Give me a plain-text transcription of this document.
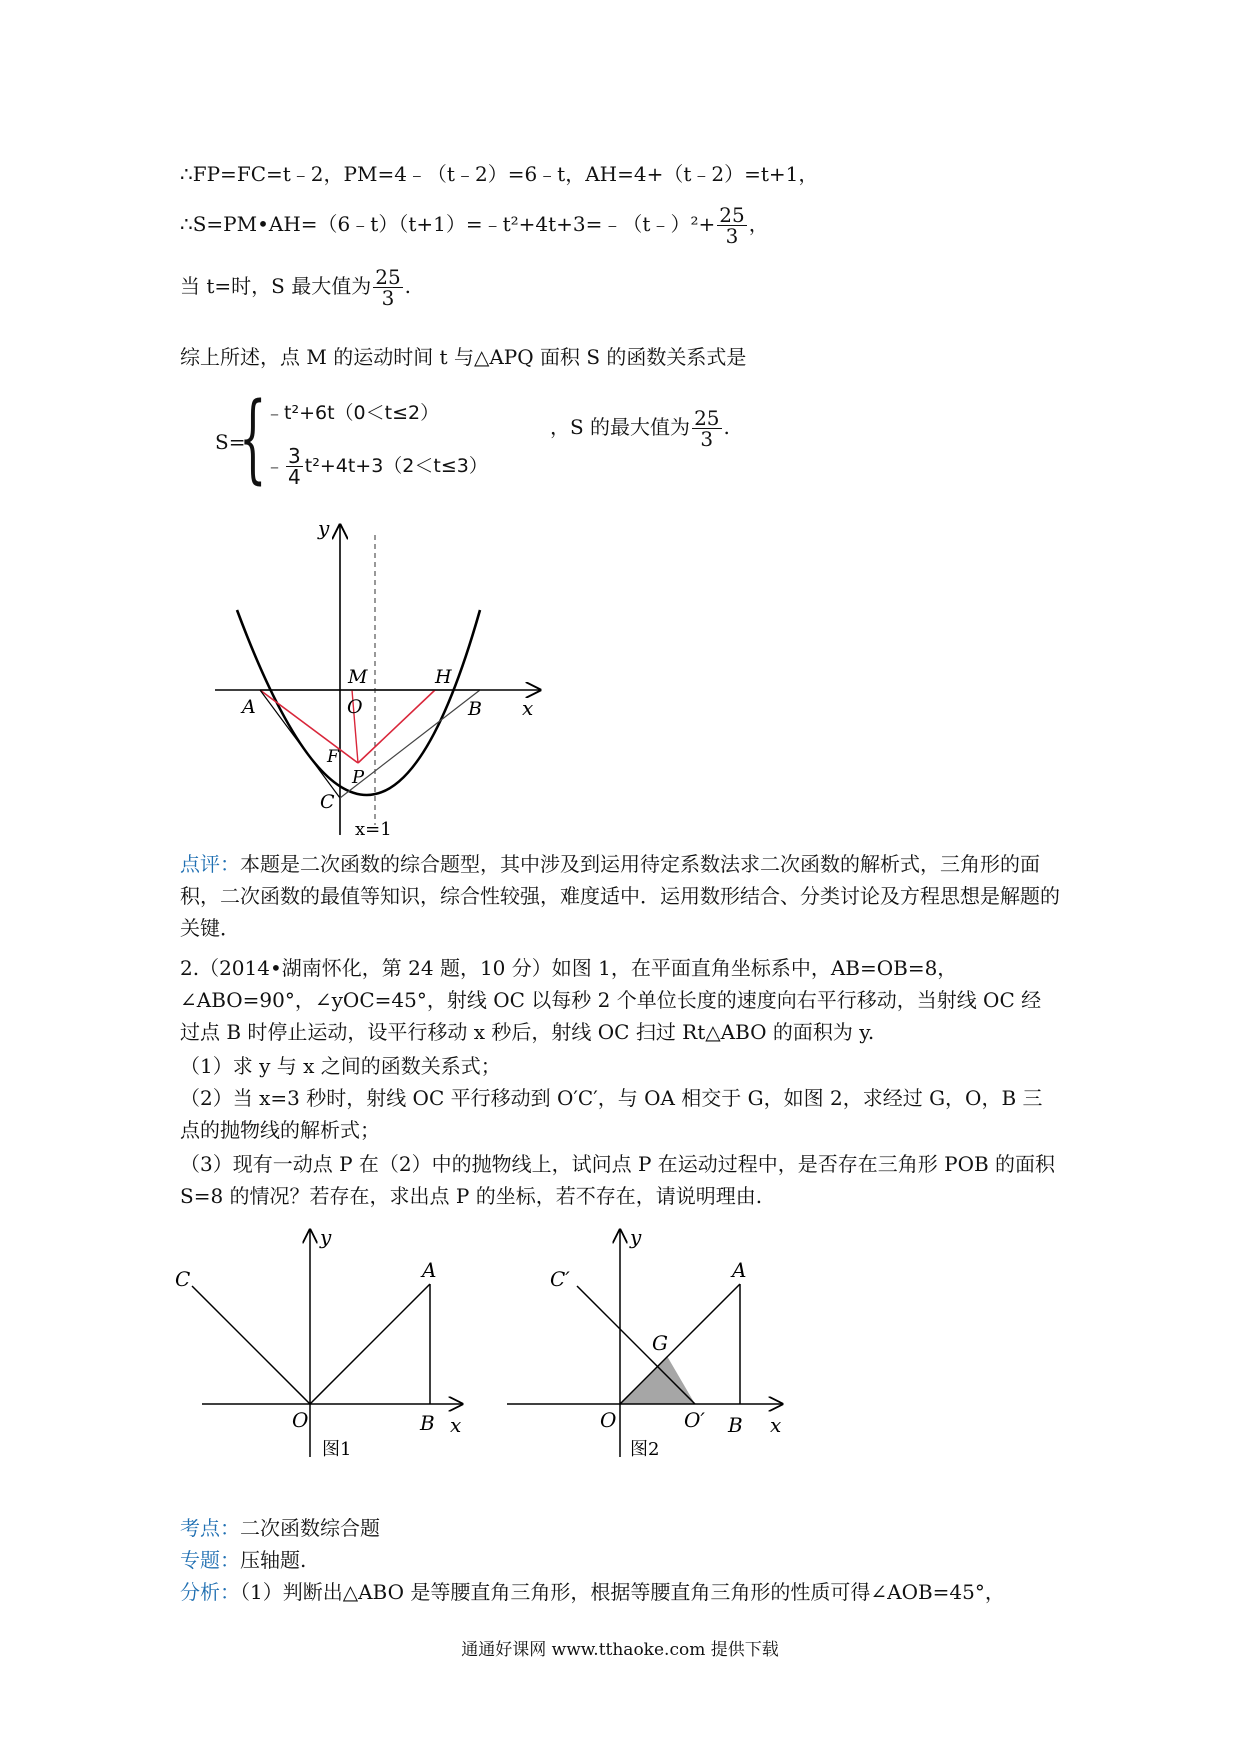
∴FP=FC=t﹣2，PM=4﹣（t﹣2）=6﹣t，AH=4+（t﹣2）=t+1，
∴S=PM•AH=（6﹣t）（t+1）=﹣t²+4t+3=﹣（t﹣）²+ $\frac{25}{3}$ ，
当 t=时，S 最大值为 $\frac{25}{3}$ .
综上所述，点 M 的运动时间 t 与△APQ 面积 S 的函数关系式是
S=
{
﹣t²+6t（0＜t≤2）
﹣ $\frac{3}{4} t^2+4t+3(2<t\le 3)$
，S 的最大值为 $\frac{25}{3}$ .
y
x
M	H
O
A	B
F
P
C
x=1
点评：本题是二次函数的综合题型，其中涉及到运用待定系数法求二次函数的解析式，三角形的面积，二次函数的最值等知识，综合性较强，难度适中．运用数形结合、分类讨论及方程思想是解题的关键．
2.（2014•湖南怀化，第 24 题，10 分）如图 1，在平面直角坐标系中，AB=OB=8，∠ABO=90°，∠yOC=45°，射线 OC 以每秒 2 个单位长度的速度向右平行移动，当射线 OC 经过点 B 时停止运动，设平行移动 x 秒后，射线 OC 扫过 Rt△ABO 的面积为 y.
（1）求 y 与 x 之间的函数关系式；
（2）当 x=3 秒时，射线 OC 平行移动到 O′C′，与 OA 相交于 G，如图 2，求经过 G，O，B 三点的抛物线的解析式；
（3）现有一动点 P 在（2）中的抛物线上，试问点 P 在运动过程中，是否存在三角形 POB 的面积 S=8 的情况？若存在，求出点 P 的坐标，若不存在，请说明理由.
y
x
C	A
O	B
图1
y
x
C′	A
G
O	O′ B
图2
考点：二次函数综合题
专题：压轴题.
分析：（1）判断出△ABO 是等腰直角三角形，根据等腰直角三角形的性质可得∠AOB=45°，
通通好课网 www.tthaoke.com 提供下载
